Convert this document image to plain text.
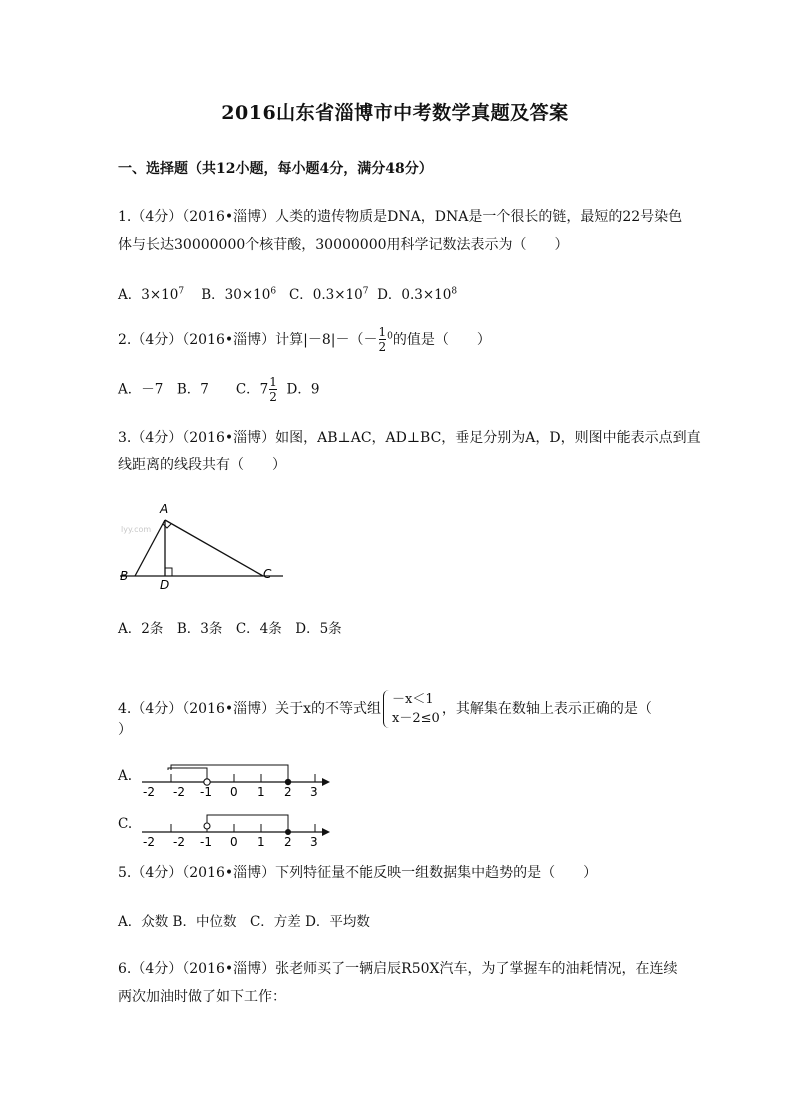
2016山东省淄博市中考数学真题及答案
一、选择题（共12小题，每小题4分，满分48分）
1.（4分）（2016•淄博）人类的遗传物质是DNA，DNA是一个很长的链，最短的22号染色
体与长达30000000个核苷酸，30000000用科学记数法表示为（　　）
A．$3\times 10^7$ B．$30\times 10^6$ C．$0.3\times 10^7$ D．$0.3\times 10^8$
2.（4分）（2016•淄博）计算$|-8|-(- \frac{1}{2} ^0$的值是（　　）
A．－7　B．7　　C．$7 \frac{1}{2}$ D．9
3.（4分）（2016•淄博）如图，AB⊥AC，AD⊥BC，垂足分别为A，D，则图中能表示点到直
线距离的线段共有（　　）
lyy.com
A
B
D
C
A．2条　B．3条　C．4条　D．5条
4.（4分）（2016•淄博）关于x的不等式组
－x＜1
x－2≤0
，其解集在数轴上表示正确的是（
）
A.
-2 -2 -1 0 1 2 3
C.
-2 -2 -1 0 1 2 3
5.（4分）（2016•淄博）下列特征量不能反映一组数据集中趋势的是（　　）
A．众数 B．中位数　C．方差 D．平均数
6.（4分）（2016•淄博）张老师买了一辆启辰R50X汽车，为了掌握车的油耗情况，在连续
两次加油时做了如下工作：
